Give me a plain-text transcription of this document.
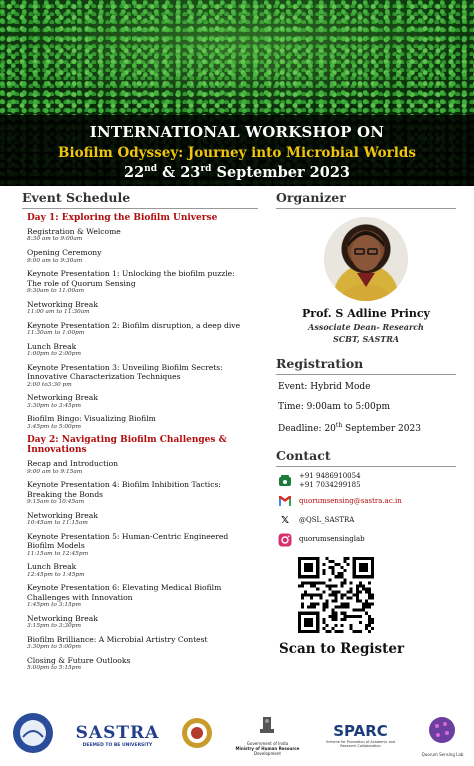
INTERNATIONAL WORKSHOP ON
Biofilm Odyssey: Journey into Microbial Worlds
22nd & 23rd September 2023
Event Schedule
Day 1: Exploring the Biofilm Universe
Registration & Welcome
8:30 am to 9:00am
Opening Ceremony
9:00 am to 9:30am
Keynote Presentation 1: Unlocking the biofilm puzzle:
The role of Quorum Sensing
9:30am to 11:00am
Networking Break
11:00 am to 11:30am
Keynote Presentation 2: Biofilm disruption, a deep dive
11:30am to 1:00pm
Lunch Break
1:00pm to 2:00pm
Keynote Presentation 3: Unveiling Biofilm Secrets:
Innovative Characterization Techniques
2:00 to3:30 pm
Networking Break
3:30pm to 3:45pm
Biofilm Bingo: Visualizing Biofilm
3:45pm to 5:00pm
Day 2: Navigating Biofilm Challenges & Innovations
Recap and Introduction
9:00 am to 9:15am
Keynote Presentation 4: Biofilm Inhibition Tactics:
Breaking the Bonds
9:15am to 10:45am
Networking Break
10:45am to 11:15am
Keynote Presentation 5: Human-Centric Engineered
Biofilm Models
11:15am to 12:45pm
Lunch Break
12:45pm to 1:45pm
Keynote Presentation 6: Elevating Medical Biofilm
Challenges with Innovation
1:45pm to 3:15pm
Networking Break
3:15pm to 3:30pm
Biofilm Brilliance: A Microbial Artistry Contest
3:30pm to 5:00pm
Closing & Future Outlooks
5:00pm to 5:15pm
Organizer
Prof. S Adline Princy
Associate Dean- Research
SCBT, SASTRA
Registration
Event: Hybrid Mode
Time: 9:00am to 5:00pm
Deadline: 20th September 2023
Contact
+91 9486910054
+91 7034299185
quorumsensing@sastra.ac.in
𝕏	@QSL_SASTRA
quorumsensinglab
Scan to Register
SASTRA
DEEMED TO BE UNIVERSITY	Government of India
Ministry of Human Resource
Development
SPARC
Scheme for Promotion of Academic and Research Collaboration
Quorum Sensing Lab
